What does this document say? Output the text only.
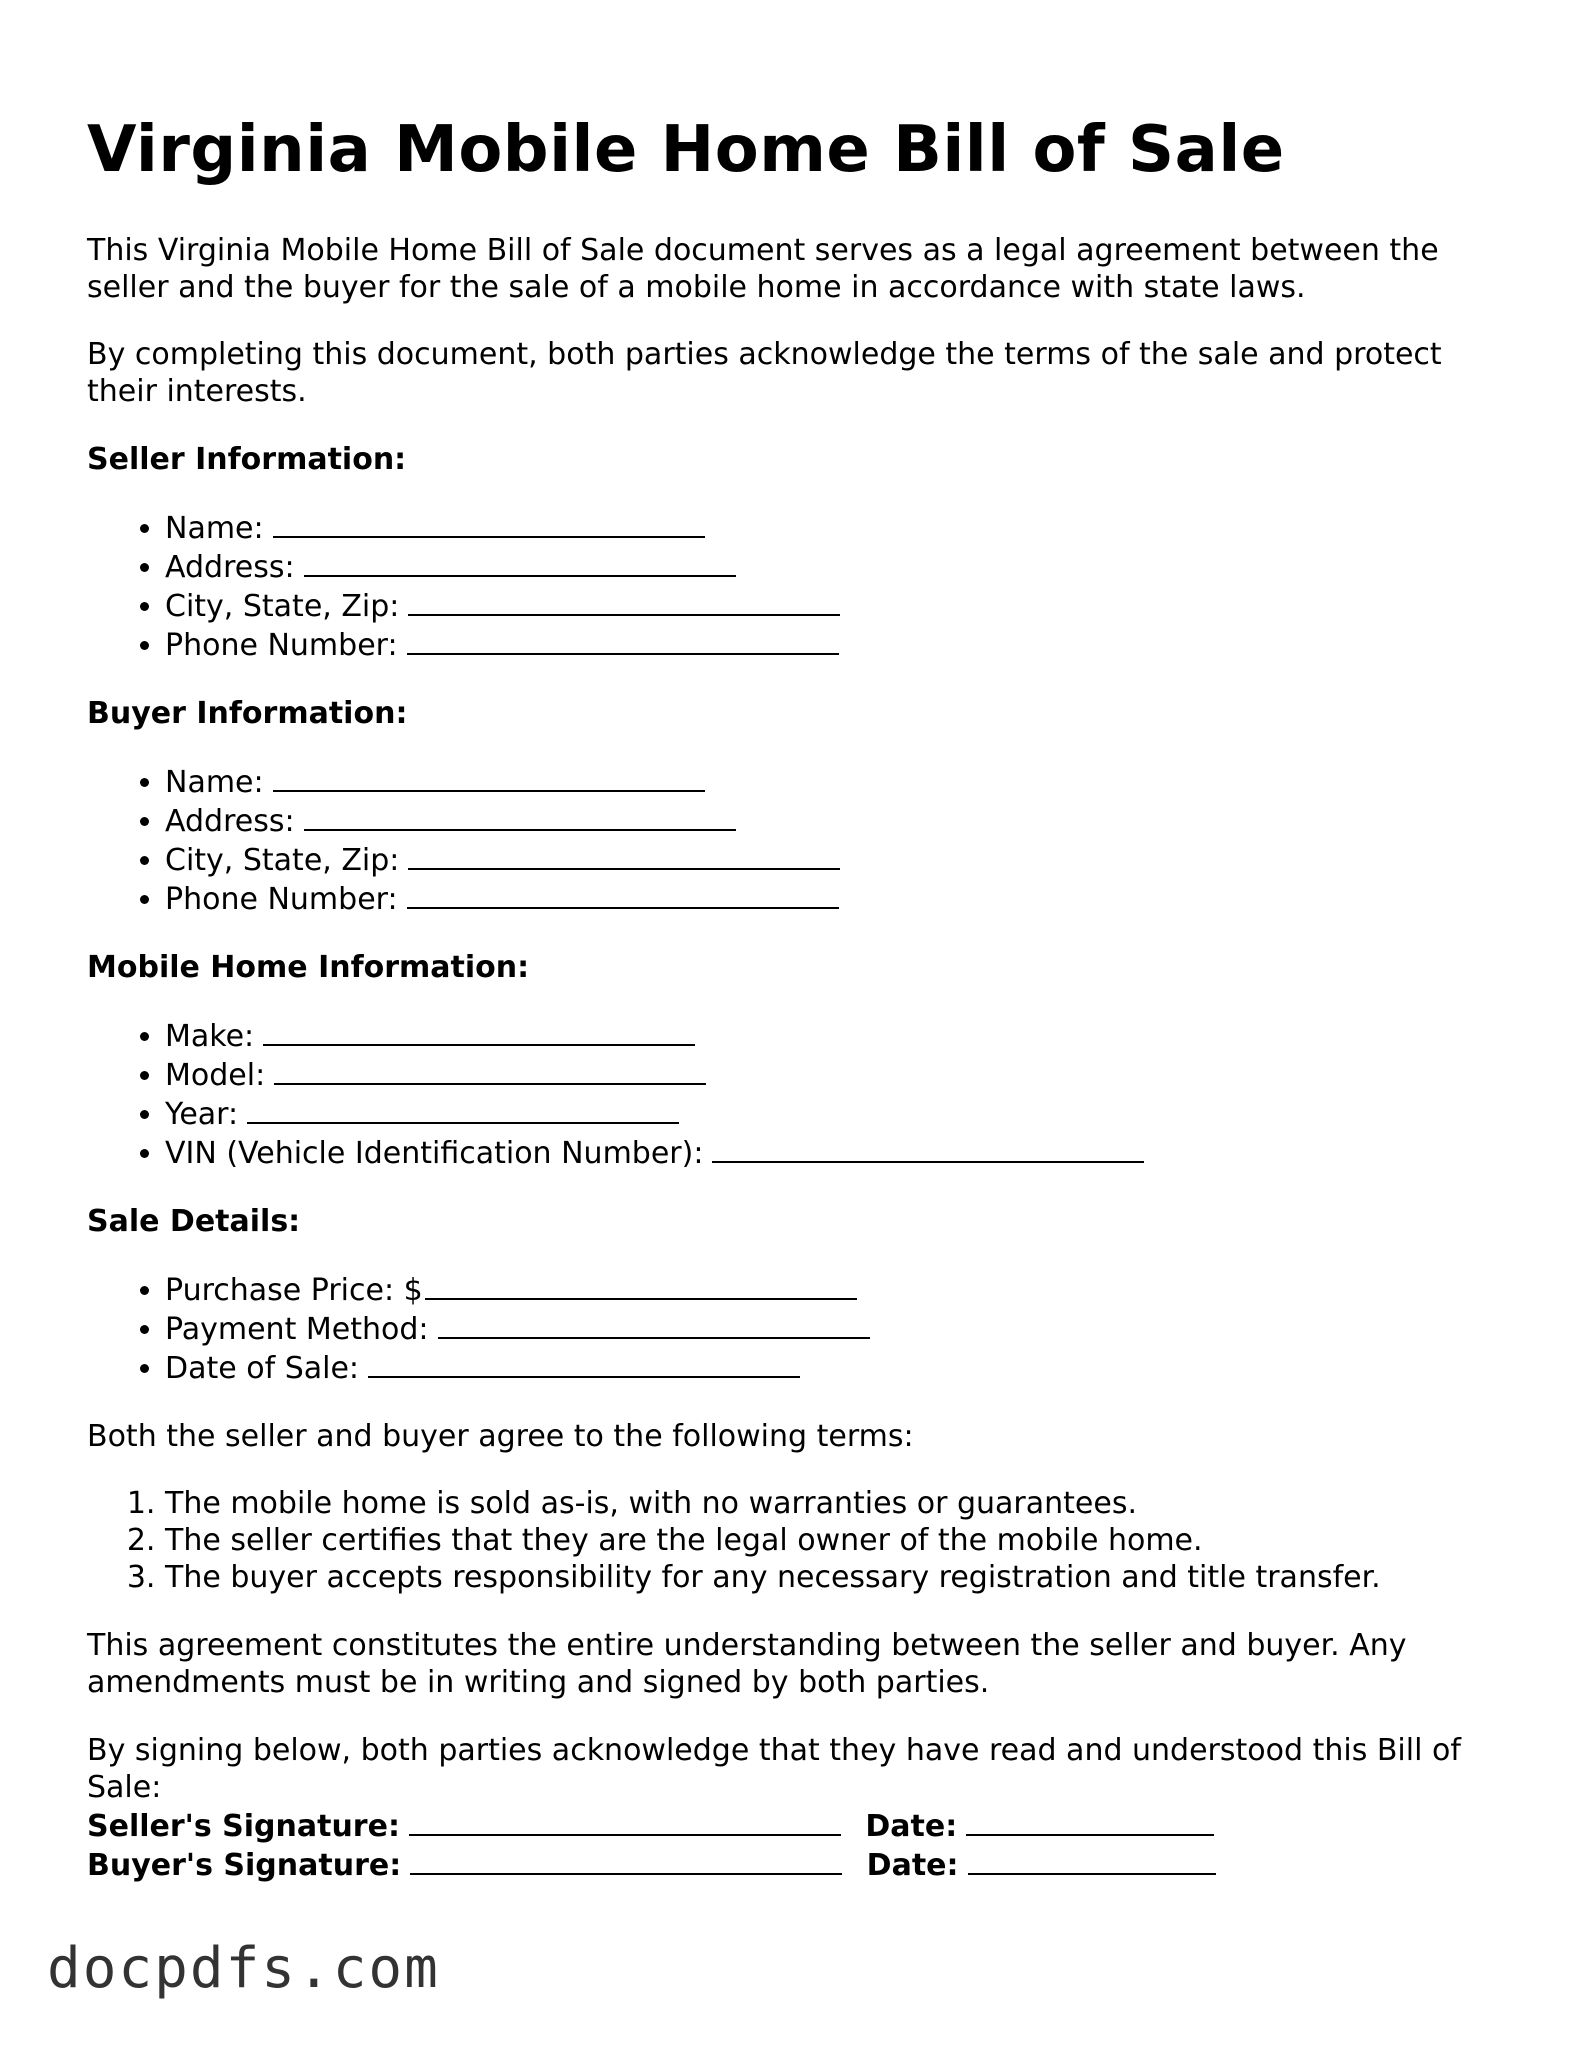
Virginia Mobile Home Bill of Sale

This Virginia Mobile Home Bill of Sale document serves as a legal agreement between the seller and the buyer for the sale of a mobile home in accordance with state laws.

By completing this document, both parties acknowledge the terms of the sale and protect their interests.

Seller Information:
• Name:
• Address:
• City, State, Zip:
• Phone Number:
Buyer Information:
• Name:
• Address:
• City, State, Zip:
• Phone Number:
Mobile Home Information:
• Make:
• Model:
• Year:
• VIN (Vehicle Identification Number):
Sale Details:
• Purchase Price: $
• Payment Method:
• Date of Sale:

Both the seller and buyer agree to the following terms:

1. The mobile home is sold as-is, with no warranties or guarantees.
2. The seller certifies that they are the legal owner of the mobile home.
3. The buyer accepts responsibility for any necessary registration and title transfer.

This agreement constitutes the entire understanding between the seller and buyer. Any amendments must be in writing and signed by both parties.

By signing below, both parties acknowledge that they have read and understood this Bill of Sale:

Seller's Signature:	Date:
Buyer's Signature:	Date:
docpdfs.com
